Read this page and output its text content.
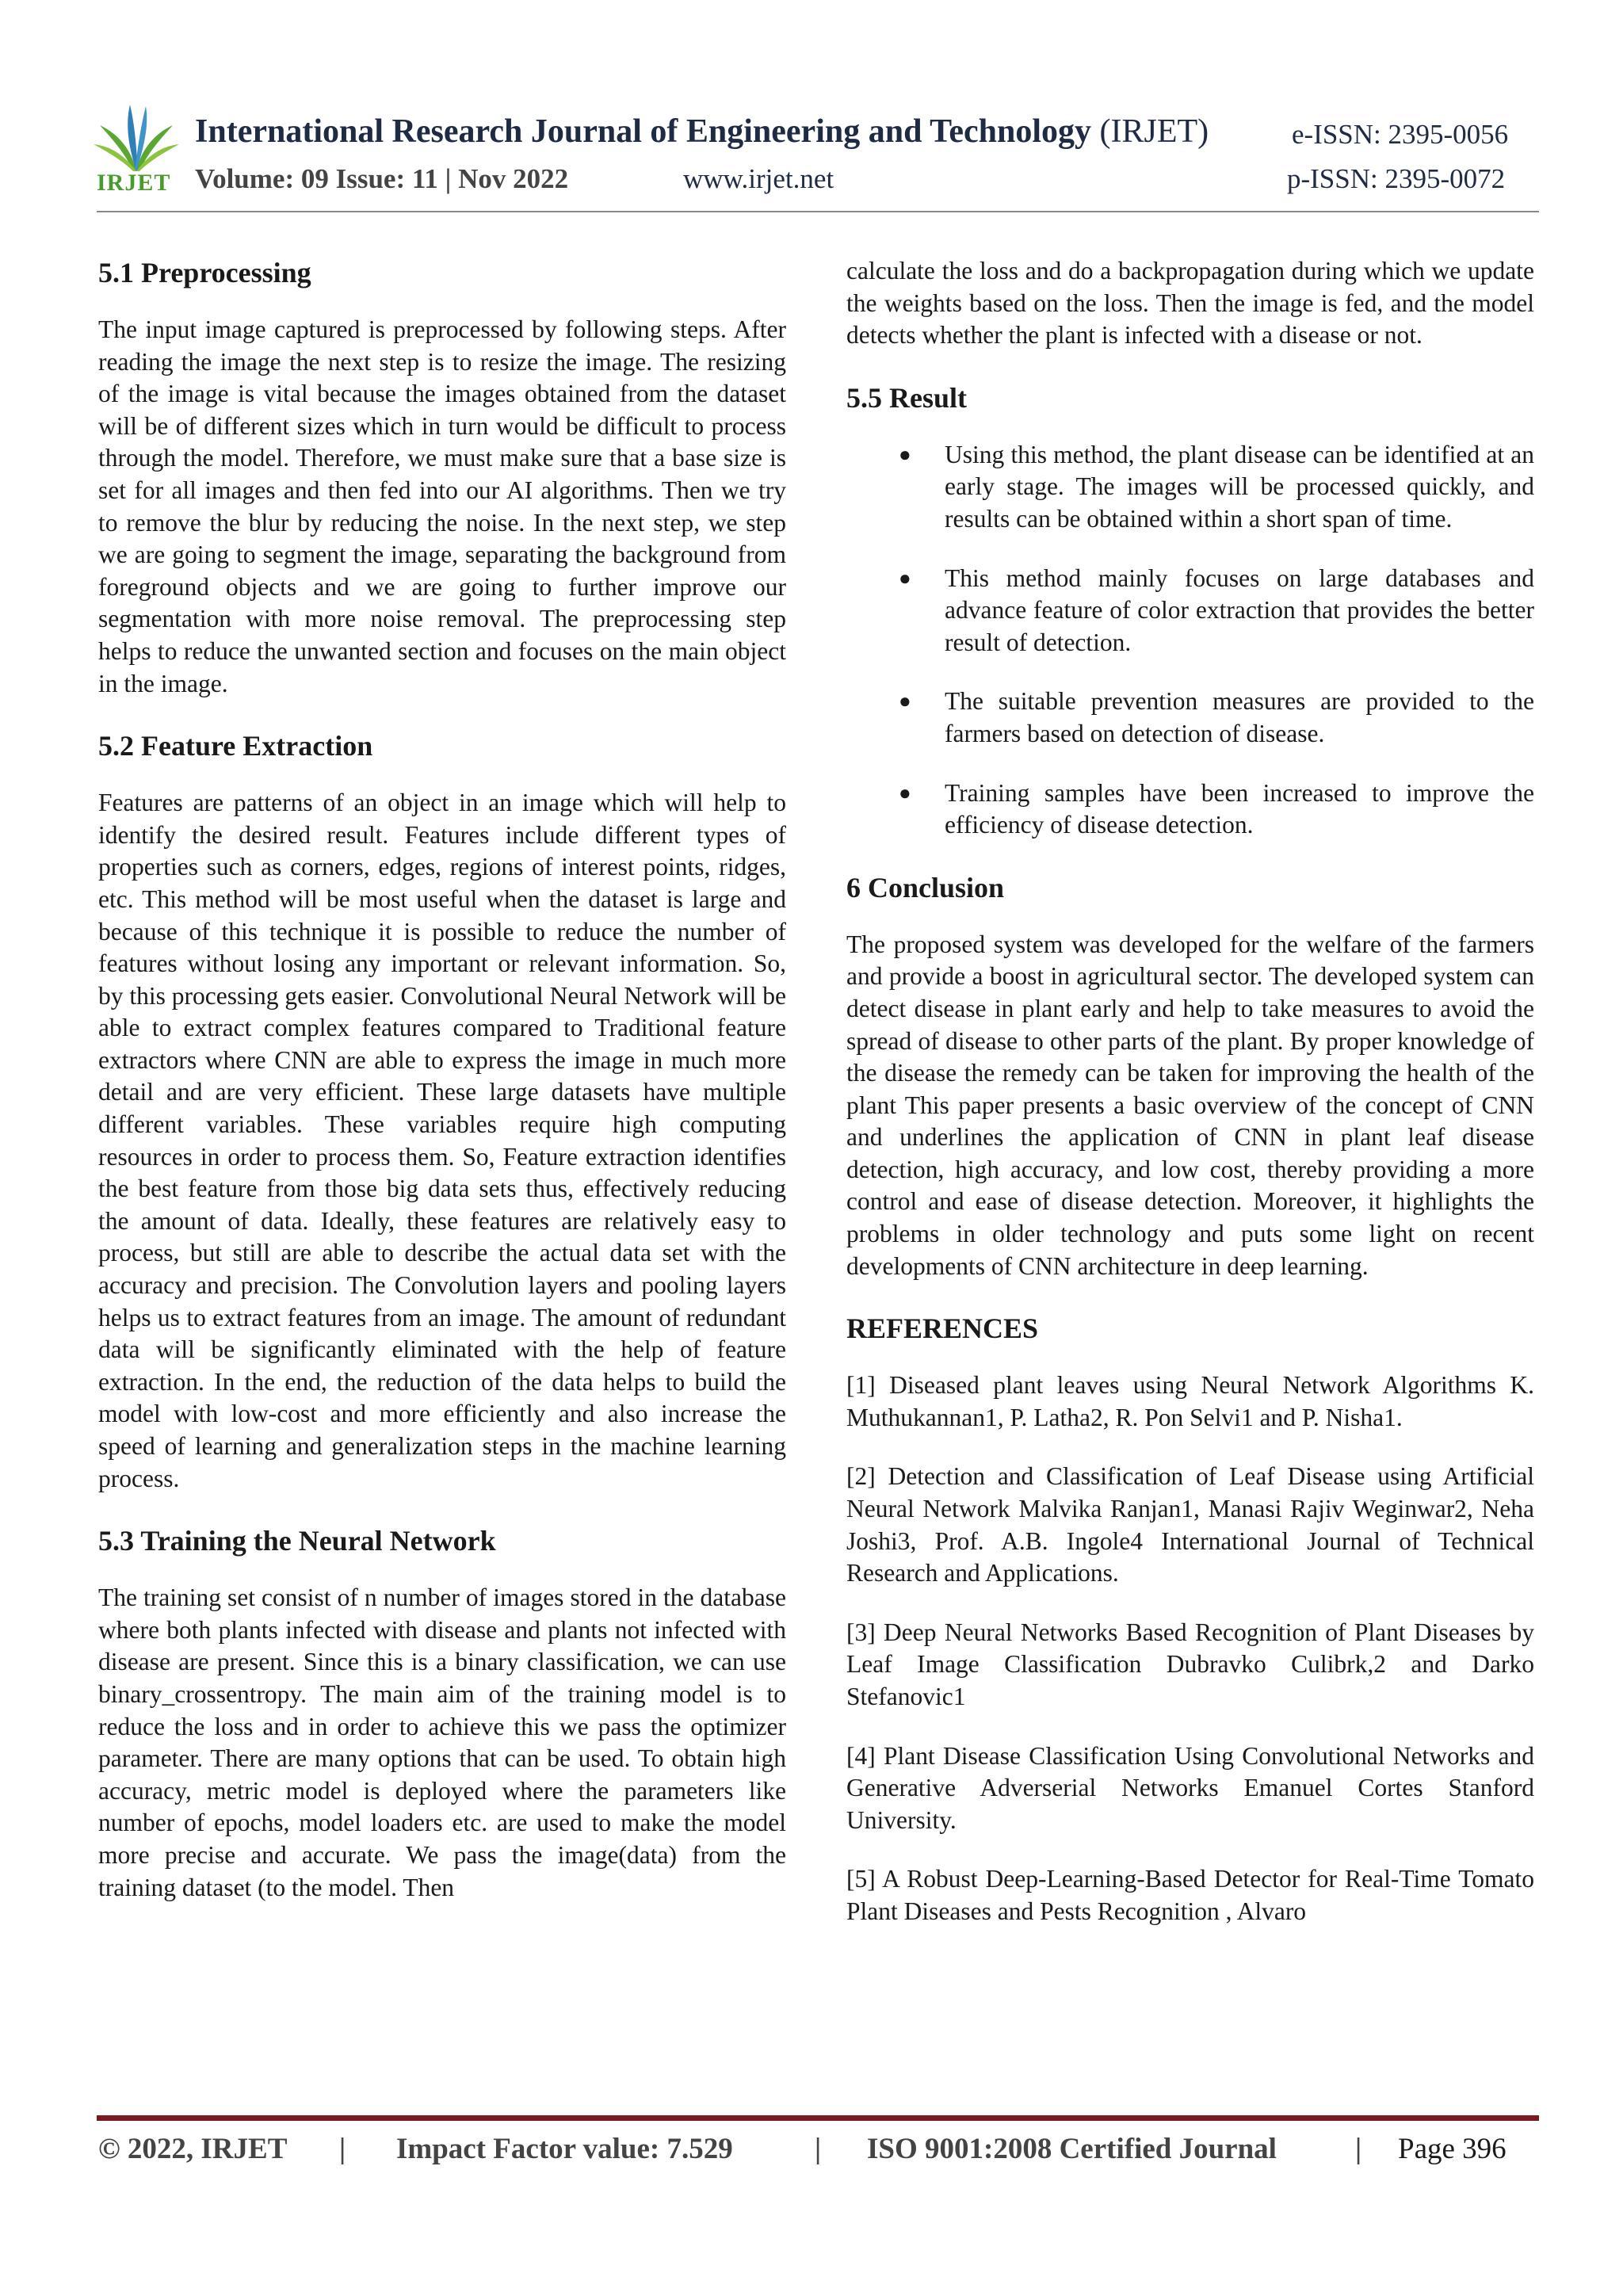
IRJET
International Research Journal of Engineering and Technology (IRJET)	e-ISSN: 2395-0056
Volume: 09 Issue: 11 | Nov 2022	www.irjet.net	p-ISSN: 2395-0072
5.1 Preprocessing

The input image captured is preprocessed by following steps. After reading the image the next step is to resize the image. The resizing of the image is vital because the images obtained from the dataset will be of different sizes which in turn would be difficult to process through the model. Therefore, we must make sure that a base size is set for all images and then fed into our AI algorithms. Then we try to remove the blur by reducing the noise. In the next step, we step we are going to segment the image, separating the background from foreground objects and we are going to further improve our segmentation with more noise removal. The preprocessing step helps to reduce the unwanted section and focuses on the main object in the image.

5.2 Feature Extraction

Features are patterns of an object in an image which will help to identify the desired result. Features include different types of properties such as corners, edges, regions of interest points, ridges, etc. This method will be most useful when the dataset is large and because of this technique it is possible to reduce the number of features without losing any important or relevant information. So, by this processing gets easier. Convolutional Neural Network will be able to extract complex features compared to Traditional feature extractors where CNN are able to express the image in much more detail and are very efficient. These large datasets have multiple different variables. These variables require high computing resources in order to process them. So, Feature extraction identifies the best feature from those big data sets thus, effectively reducing the amount of data. Ideally, these features are relatively easy to process, but still are able to describe the actual data set with the accuracy and precision. The Convolution layers and pooling layers helps us to extract features from an image. The amount of redundant data will be significantly eliminated with the help of feature extraction. In the end, the reduction of the data helps to build the model with low-cost and more efficiently and also increase the speed of learning and generalization steps in the machine learning process.

5.3 Training the Neural Network

The training set consist of n number of images stored in the database where both plants infected with disease and plants not infected with disease are present. Since this is a binary classification, we can use binary_crossentropy. The main aim of the training model is to reduce the loss and in order to achieve this we pass the optimizer parameter. There are many options that can be used. To obtain high accuracy, metric model is deployed where the parameters like number of epochs, model loaders etc. are used to make the model more precise and accurate. We pass the image(data) from the training dataset (to the model. Then

calculate the loss and do a backpropagation during which we update the weights based on the loss. Then the image is fed, and the model detects whether the plant is infected with a disease or not.

5.5 Result
● Using this method, the plant disease can be identified at an early stage. The images will be processed quickly, and results can be obtained within a short span of time.
● This method mainly focuses on large databases and advance feature of color extraction that provides the better result of detection.
● The suitable prevention measures are provided to the farmers based on detection of disease.
● Training samples have been increased to improve the efficiency of disease detection.
6 Conclusion

The proposed system was developed for the welfare of the farmers and provide a boost in agricultural sector. The developed system can detect disease in plant early and help to take measures to avoid the spread of disease to other parts of the plant. By proper knowledge of the disease the remedy can be taken for improving the health of the plant This paper presents a basic overview of the concept of CNN and underlines the application of CNN in plant leaf disease detection, high accuracy, and low cost, thereby providing a more control and ease of disease detection. Moreover, it highlights the problems in older technology and puts some light on recent developments of CNN architecture in deep learning.

REFERENCES

[1] Diseased plant leaves using Neural Network Algorithms K. Muthukannan1, P. Latha2, R. Pon Selvi1 and P. Nisha1.

[2] Detection and Classification of Leaf Disease using Artificial Neural Network Malvika Ranjan1, Manasi Rajiv Weginwar2, Neha Joshi3, Prof. A.B. Ingole4 International Journal of Technical Research and Applications.

[3] Deep Neural Networks Based Recognition of Plant Diseases by Leaf Image Classification Dubravko Culibrk,2 and Darko Stefanovic1

[4] Plant Disease Classification Using Convolutional Networks and Generative Adverserial Networks Emanuel Cortes Stanford University.

[5] A Robust Deep-Learning-Based Detector for Real-Time Tomato Plant Diseases and Pests Recognition , Alvaro

© 2022, IRJET | Impact Factor value: 7.529	| ISO 9001:2008 Certified Journal	| Page 396
